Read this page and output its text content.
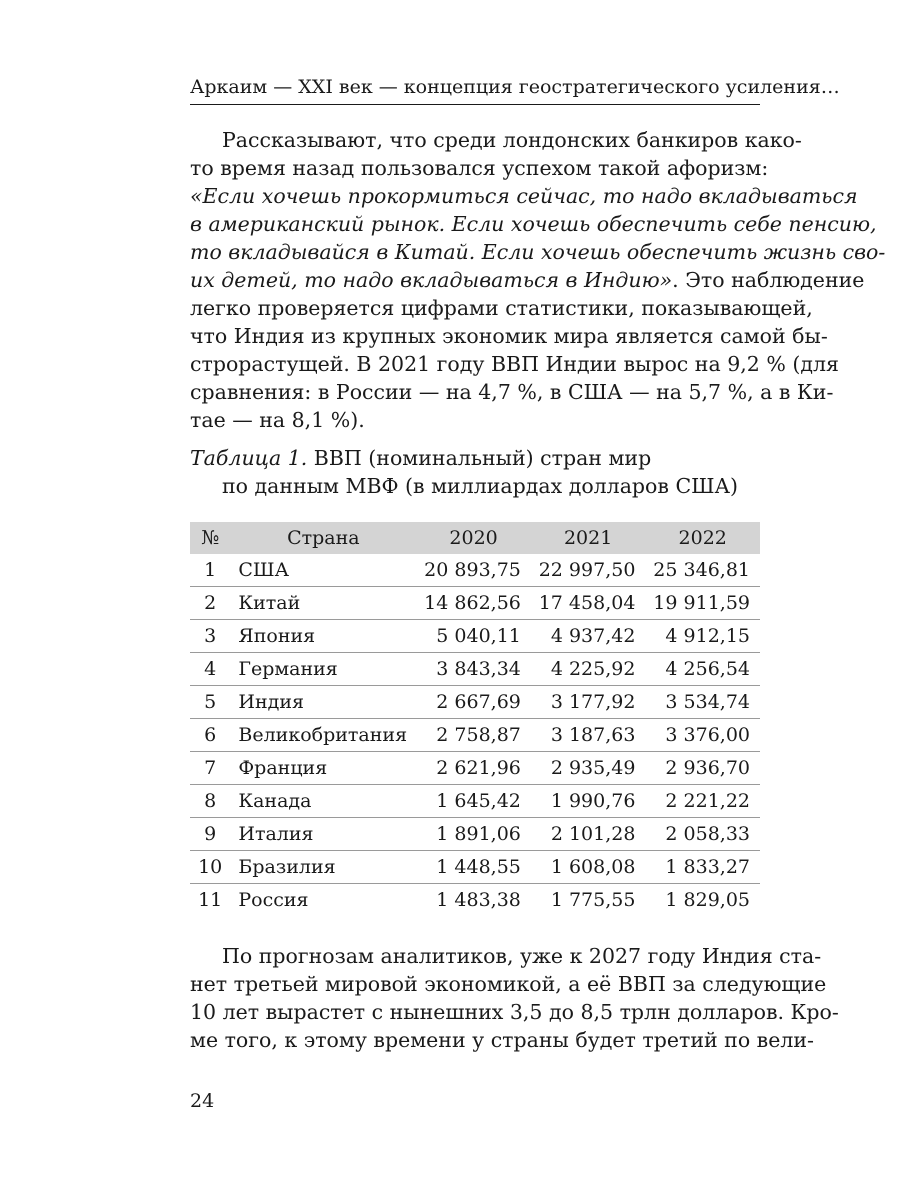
Аркаим — XXI век — концепция геостратегического усиления…
Рассказывают, что среди лондонских банкиров како-
то время назад пользовался успехом такой афоризм:
«Если хочешь прокормиться сейчас, то надо вкладываться
в американский рынок. Если хочешь обеспечить себе пенсию,
то вкладывайся в Китай. Если хочешь обеспечить жизнь сво-
их детей, то надо вкладываться в Индию». Это наблюдение
легко проверяется цифрами статистики, показывающей,
что Индия из крупных экономик мира является самой бы-
строрастущей. В 2021 году ВВП Индии вырос на 9,2 % (для
сравнения: в России — на 4,7 %, в США — на 5,7 %, а в Ки-
тае — на 8,1 %).
Таблица 1. ВВП (номинальный) стран мир
по данным МВФ (в миллиардах долларов США)
№	Страна	2020	2021	2022
1	США	20 893,75	22 997,50	25 346,81
2	Китай	14 862,56	17 458,04	19 911,59
3	Япония	5 040,11	4 937,42	4 912,15
4	Германия	3 843,34	4 225,92	4 256,54
5	Индия	2 667,69	3 177,92	3 534,74
6	Великобритания	2 758,87	3 187,63	3 376,00
7	Франция	2 621,96	2 935,49	2 936,70
8	Канада	1 645,42	1 990,76	2 221,22
9	Италия	1 891,06	2 101,28	2 058,33
10	Бразилия	1 448,55	1 608,08	1 833,27
11	Россия	1 483,38	1 775,55	1 829,05
По прогнозам аналитиков, уже к 2027 году Индия ста-
нет третьей мировой экономикой, а её ВВП за следующие
10 лет вырастет с нынешних 3,5 до 8,5 трлн долларов. Кро-
ме того, к этому времени у страны будет третий по вели-
24
